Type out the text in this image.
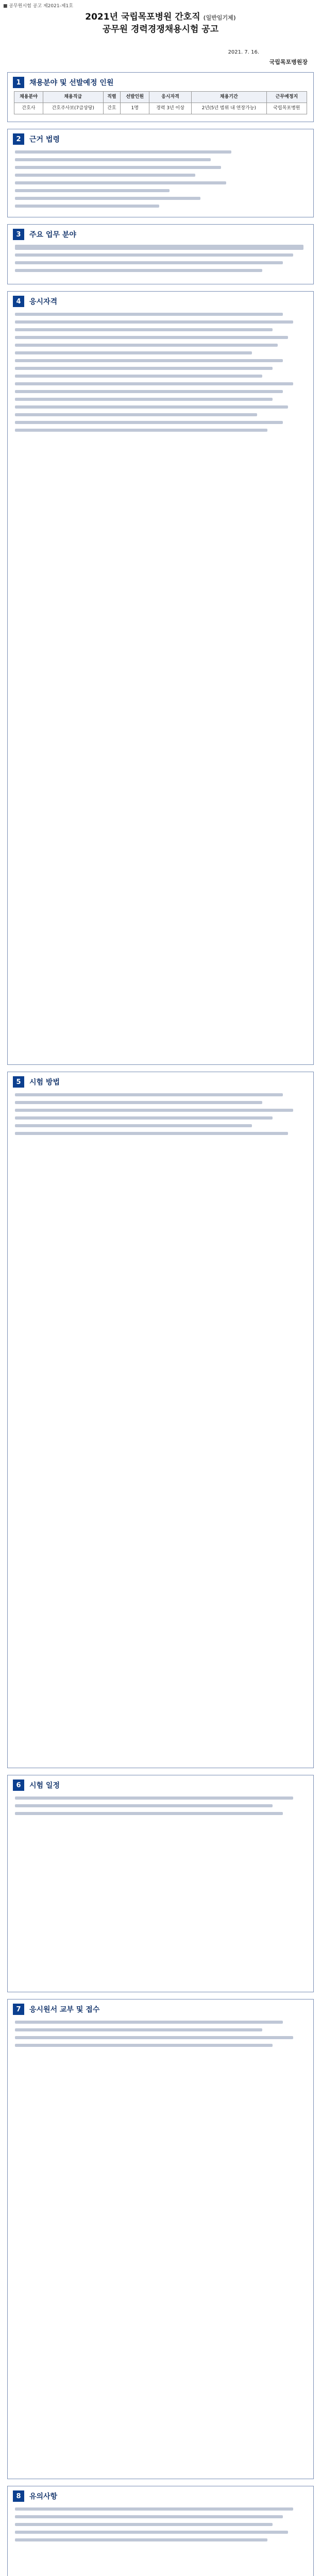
■ 공무원시험 공고 제2021-제1호
2021년 국립목포병원 간호직 (일반임기제)
공무원 경력경쟁채용시험 공고
2021. 7. 16.
국립목포병원장
1	채용분야 및 선발예정 인원
채용분야	채용직급	직렬	선발인원	응시자격	채용기간	근무예정지
간호사	간호주사보(7급상당)	간호	1명	경력 3년 이상	2년(5년 범위 내 연장가능)	국립목포병원
2	근거 법령
3	주요 업무 분야
4	응시자격
5	시험 방법
6	시험 일정
7	응시원서 교부 및 접수
8	유의사항
